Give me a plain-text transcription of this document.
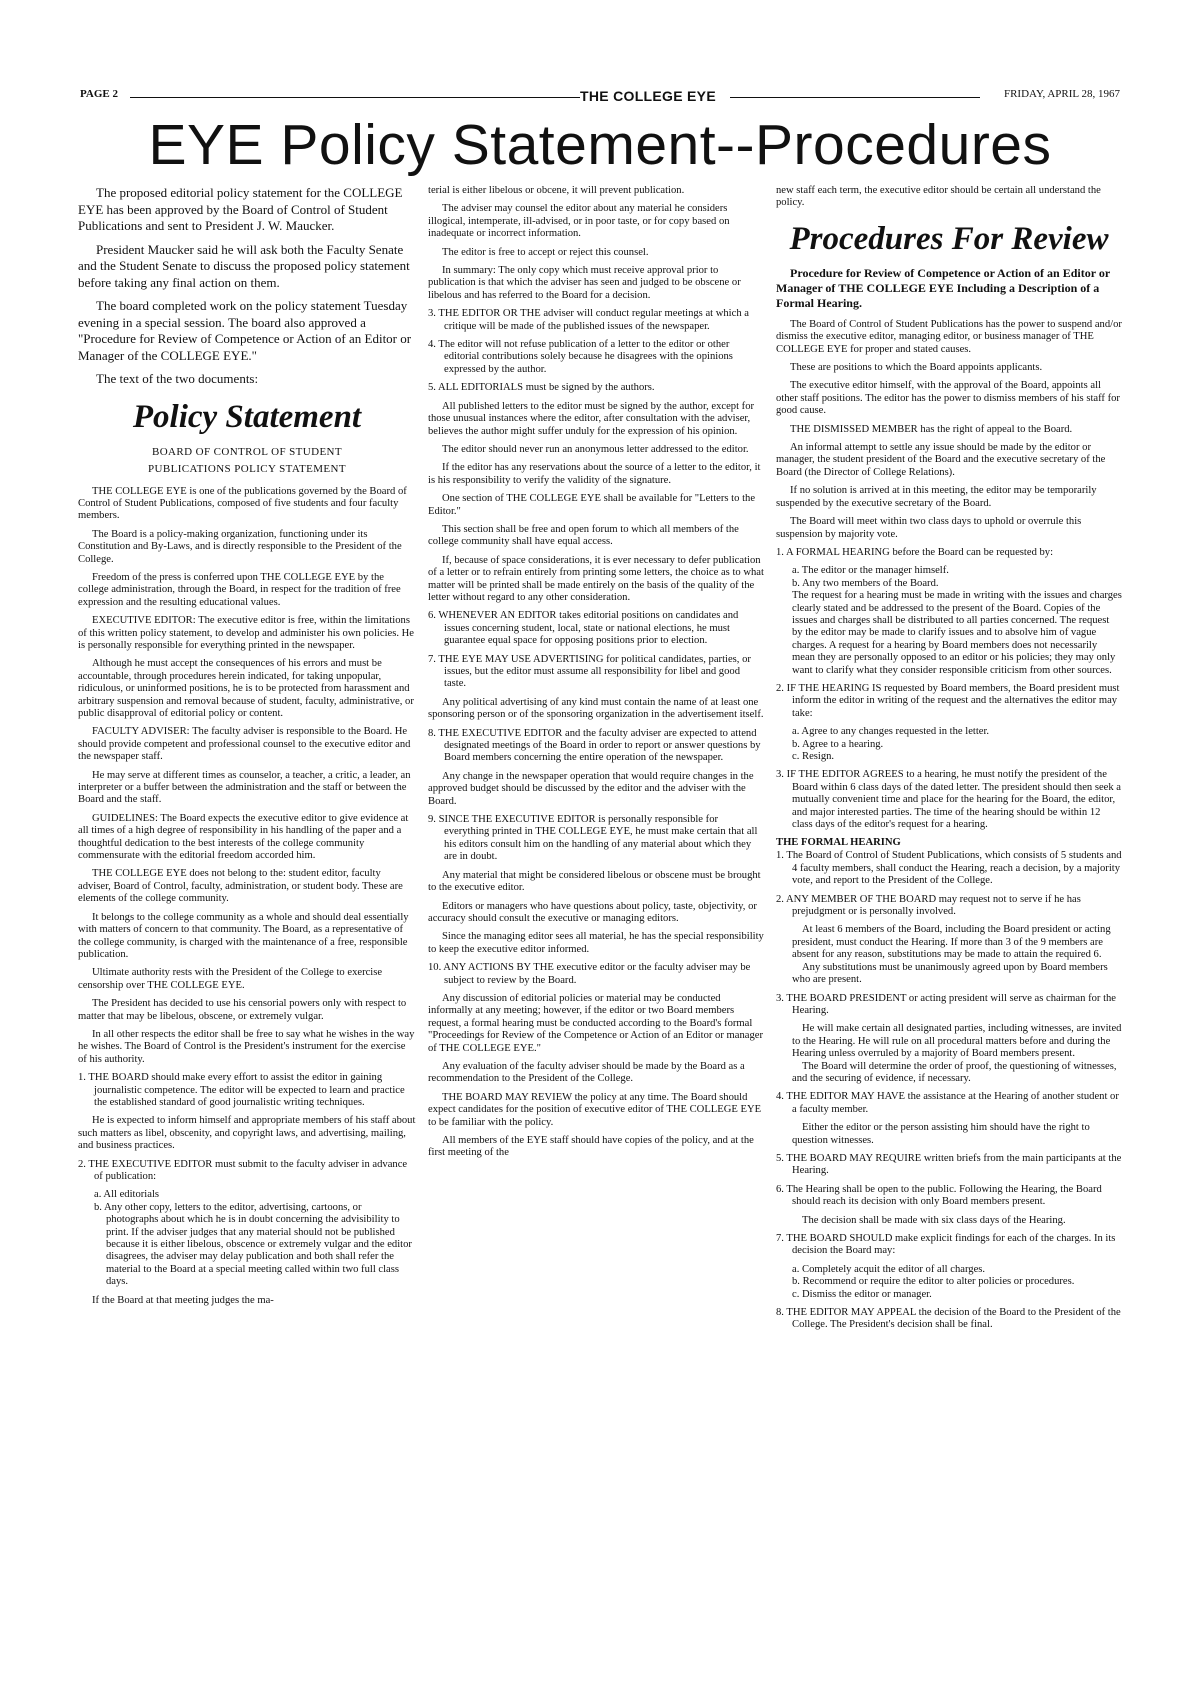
PAGE 2	THE COLLEGE EYE	FRIDAY, APRIL 28, 1967
EYE Policy Statement--Procedures

The proposed editorial policy statement for the COLLEGE EYE has been approved by the Board of Control of Student Publications and sent to President J. W. Maucker.

President Maucker said he will ask both the Faculty Senate and the Student Senate to discuss the proposed policy statement before taking any final action on them.

The board completed work on the policy statement Tuesday evening in a special session. The board also approved a "Procedure for Review of Competence or Action of an Editor or Manager of the COLLEGE EYE."

The text of the two documents:

Policy Statement
BOARD OF CONTROL OF STUDENT
PUBLICATIONS POLICY STATEMENT

THE COLLEGE EYE is one of the publications governed by the Board of Control of Student Publications, composed of five students and four faculty members.

The Board is a policy-making organization, functioning under its Constitution and By-Laws, and is directly responsible to the President of the College.

Freedom of the press is conferred upon THE COLLEGE EYE by the college administration, through the Board, in respect for the tradition of free expression and the resulting educational values.

EXECUTIVE EDITOR: The executive editor is free, within the limitations of this written policy statement, to develop and administer his own policies. He is personally responsible for everything printed in the newspaper.

Although he must accept the consequences of his errors and must be accountable, through procedures herein indicated, for taking unpopular, ridiculous, or uninformed positions, he is to be protected from harassment and arbitrary suspension and removal because of student, faculty, administrative, or public disapproval of editorial policy or content.

FACULTY ADVISER: The faculty adviser is responsible to the Board. He should provide competent and professional counsel to the executive editor and the newspaper staff.

He may serve at different times as counselor, a teacher, a critic, a leader, an interpreter or a buffer between the administration and the staff or between the Board and the staff.

GUIDELINES: The Board expects the executive editor to give evidence at all times of a high degree of responsibility in his handling of the paper and a thoughtful dedication to the best interests of the college community commensurate with the editorial freedom accorded him.

THE COLLEGE EYE does not belong to the: student editor, faculty adviser, Board of Control, faculty, administration, or student body. These are elements of the college community.

It belongs to the college community as a whole and should deal essentially with matters of concern to that community. The Board, as a representative of the college community, is charged with the maintenance of a free, responsible publication.

Ultimate authority rests with the President of the College to exercise censorship over THE COLLEGE EYE.

The President has decided to use his censorial powers only with respect to matter that may be libelous, obscene, or extremely vulgar.

In all other respects the editor shall be free to say what he wishes in the way he wishes. The Board of Control is the President's instrument for the exercise of his authority.

1. THE BOARD should make every effort to assist the editor in gaining journalistic competence. The editor will be expected to learn and practice the established standard of good journalistic writing techniques.

He is expected to inform himself and appropriate members of his staff about such matters as libel, obscenity, and copyright laws, and advertising, mailing, and business practices.

2. THE EXECUTIVE EDITOR must submit to the faculty adviser in advance of publication:
a. All editorials
b. Any other copy, letters to the editor, advertising, cartoons, or photographs about which he is in doubt concerning the advisibility to print. If the adviser judges that any material should not be published because it is either libelous, obscence or extremely vulgar and the editor disagrees, the adviser may delay publication and both shall refer the material to the Board at a special meeting called within two full class days.

If the Board at that meeting judges the ma-

terial is either libelous or obcene, it will prevent publication.

The adviser may counsel the editor about any material he considers illogical, intemperate, ill-advised, or in poor taste, or for copy based on inadequate or incorrect information.

The editor is free to accept or reject this counsel.

In summary: The only copy which must receive approval prior to publication is that which the adviser has seen and judged to be obscene or libelous and has referred to the Board for a decision.

3. THE EDITOR OR THE adviser will conduct regular meetings at which a critique will be made of the published issues of the newspaper.
4. The editor will not refuse publication of a letter to the editor or other editorial contributions solely because he disagrees with the opinions expressed by the author.
5. ALL EDITORIALS must be signed by the authors.

All published letters to the editor must be signed by the author, except for those unusual instances where the editor, after consultation with the adviser, believes the author might suffer unduly for the expression of his opinion.

The editor should never run an anonymous letter addressed to the editor.

If the editor has any reservations about the source of a letter to the editor, it is his responsibility to verify the validity of the signature.

One section of THE COLLEGE EYE shall be available for "Letters to the Editor."

This section shall be free and open forum to which all members of the college community shall have equal access.

If, because of space considerations, it is ever necessary to defer publication of a letter or to refrain entirely from printing some letters, the choice as to what matter will be printed shall be made entirely on the basis of the quality of the letter without regard to any other consideration.

6. WHENEVER AN EDITOR takes editorial positions on candidates and issues concerning student, local, state or national elections, he must guarantee equal space for opposing positions prior to election.
7. THE EYE MAY USE ADVERTISING for political candidates, parties, or issues, but the editor must assume all responsibility for libel and good taste.

Any political advertising of any kind must contain the name of at least one sponsoring person or of the sponsoring organization in the advertisement itself.

8. THE EXECUTIVE EDITOR and the faculty adviser are expected to attend designated meetings of the Board in order to report or answer questions by Board members concerning the entire operation of the newspaper.

Any change in the newspaper operation that would require changes in the approved budget should be discussed by the editor and the adviser with the Board.

9. SINCE THE EXECUTIVE EDITOR is personally responsible for everything printed in THE COLLEGE EYE, he must make certain that all his editors consult him on the handling of any material about which they are in doubt.

Any material that might be considered libelous or obscene must be brought to the executive editor.

Editors or managers who have questions about policy, taste, objectivity, or accuracy should consult the executive or managing editors.

Since the managing editor sees all material, he has the special responsibility to keep the executive editor informed.

10. ANY ACTIONS BY THE executive editor or the faculty adviser may be subject to review by the Board.

Any discussion of editorial policies or material may be conducted informally at any meeting; however, if the editor or two Board members request, a formal hearing must be conducted according to the Board's formal "Proceedings for Review of the Competence or Action of an Editor or manager of THE COLLEGE EYE."

Any evaluation of the faculty adviser should be made by the Board as a recommendation to the President of the College.

THE BOARD MAY REVIEW the policy at any time. The Board should expect candidates for the position of executive editor of THE COLLEGE EYE to be familiar with the policy.

All members of the EYE staff should have copies of the policy, and at the first meeting of the

new staff each term, the executive editor should be certain all understand the policy.

Procedures For Review
Procedure for Review of Competence or Action of an Editor or Manager of THE COLLEGE EYE Including a Description of a Formal Hearing.

The Board of Control of Student Publications has the power to suspend and/or dismiss the executive editor, managing editor, or business manager of THE COLLEGE EYE for proper and stated causes.

These are positions to which the Board appoints applicants.

The executive editor himself, with the approval of the Board, appoints all other staff positions. The editor has the power to dismiss members of his staff for good cause.

THE DISMISSED MEMBER has the right of appeal to the Board.

An informal attempt to settle any issue should be made by the editor or manager, the student president of the Board and the executive secretary of the Board (the Director of College Relations).

If no solution is arrived at in this meeting, the editor may be temporarily suspended by the executive secretary of the Board.

The Board will meet within two class days to uphold or overrule this suspension by majority vote.

1. A FORMAL HEARING before the Board can be requested by:
a. The editor or the manager himself.
b. Any two members of the Board.
The request for a hearing must be made in writing with the issues and charges clearly stated and be addressed to the present of the Board. Copies of the issues and charges shall be distributed to all parties concerned. The request by the editor may be made to clarify issues and to absolve him of vague charges. A request for a hearing by Board members does not necessarily mean they are personally opposed to an editor or his policies; they may only want to clarify what they consider responsible criticism from other sources.
2. IF THE HEARING IS requested by Board members, the Board president must inform the editor in writing of the request and the alternatives the editor may take:
a. Agree to any changes requested in the letter.
b. Agree to a hearing.
c. Resign.
3. IF THE EDITOR AGREES to a hearing, he must notify the president of the Board within 6 class days of the dated letter. The president should then seek a mutually convenient time and place for the hearing for the Board, the editor, and major interested parties. The time of the hearing should be within 12 class days of the editor's request for a hearing.
THE FORMAL HEARING
1. The Board of Control of Student Publications, which consists of 5 students and 4 faculty members, shall conduct the Hearing, reach a decision, by a majority vote, and report to the President of the College.
2. ANY MEMBER OF THE BOARD may request not to serve if he has prejudgment or is personally involved.
At least 6 members of the Board, including the Board president or acting president, must conduct the Hearing. If more than 3 of the 9 members are absent for any reason, substitutions may be made to attain the required 6.
Any substitutions must be unanimously agreed upon by Board members who are present.
3. THE BOARD PRESIDENT or acting president will serve as chairman for the Hearing.
He will make certain all designated parties, including witnesses, are invited to the Hearing. He will rule on all procedural matters before and during the Hearing unless overruled by a majority of Board members present.
The Board will determine the order of proof, the questioning of witnesses, and the securing of evidence, if necessary.
4. THE EDITOR MAY HAVE the assistance at the Hearing of another student or a faculty member.
Either the editor or the person assisting him should have the right to question witnesses.
5. THE BOARD MAY REQUIRE written briefs from the main participants at the Hearing.
6. The Hearing shall be open to the public. Following the Hearing, the Board should reach its decision with only Board members present.
The decision shall be made with six class days of the Hearing.
7. THE BOARD SHOULD make explicit findings for each of the charges. In its decision the Board may:
a. Completely acquit the editor of all charges.
b. Recommend or require the editor to alter policies or procedures.
c. Dismiss the editor or manager.
8. THE EDITOR MAY APPEAL the decision of the Board to the President of the College. The President's decision shall be final.
